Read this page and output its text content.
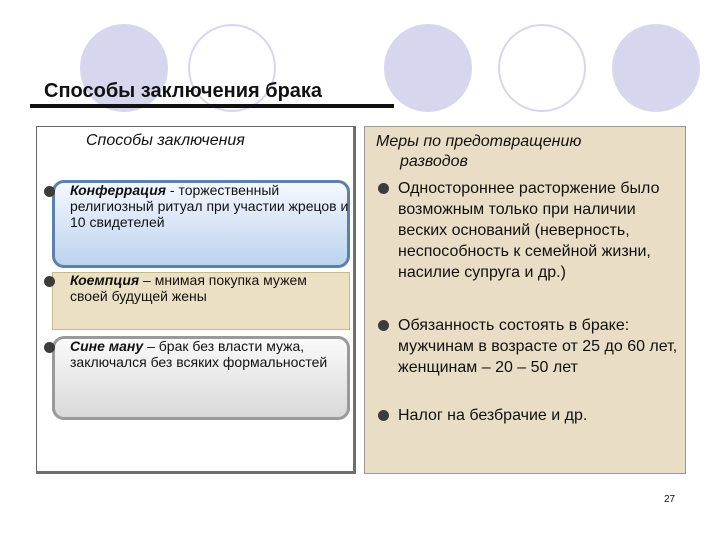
Способы заключения брака

Способы заключения

Конферрация - торжественный религиозный ритуал при участии жрецов и 10 свидетелей
Коемпция – мнимая покупка мужем своей будущей жены
Сине ману – брак без власти мужа, заключался без всяких формальностей

Меры по предотвращению
разводов

Одностороннее расторжение было возможным только при наличии веских оснований (неверность, неспособность к семейной жизни, насилие супруга и др.)
Обязанность состоять в браке: мужчинам в возрасте от 25 до 60 лет, женщинам – 20 – 50 лет
Налог на безбрачие и др.
27
